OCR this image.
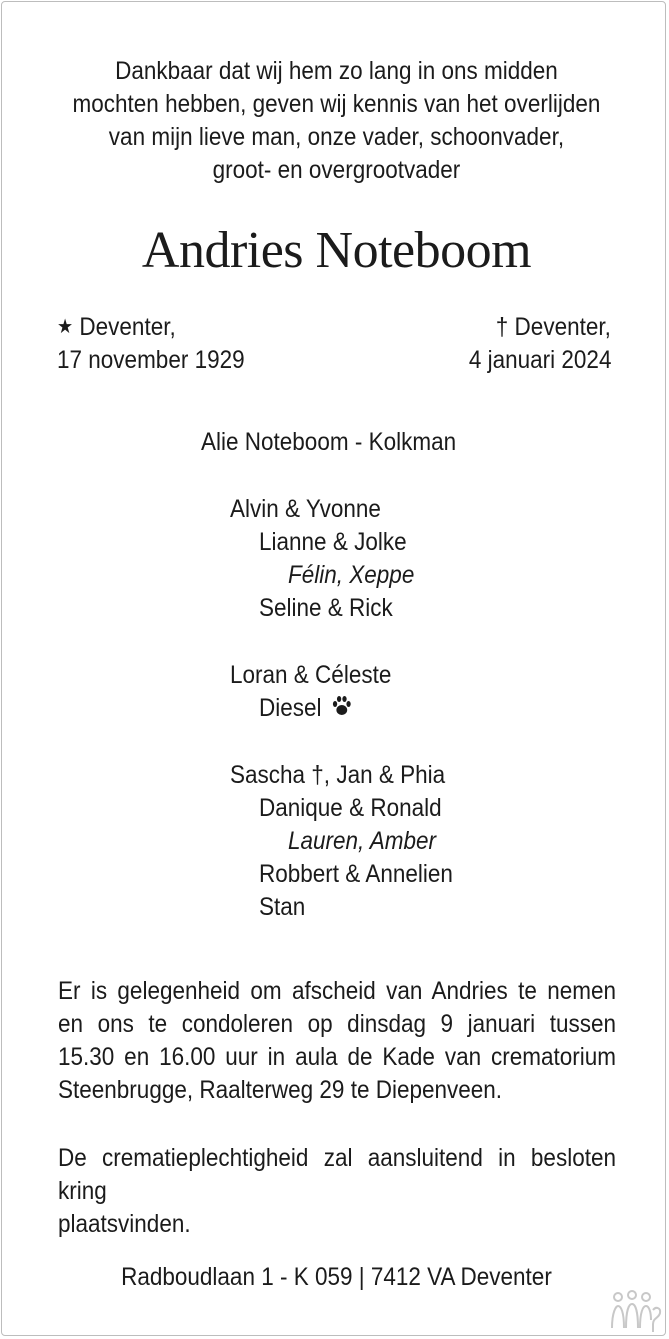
Dankbaar dat wij hem zo lang in ons midden
mochten hebben, geven wij kennis van het overlijden
van mijn lieve man, onze vader, schoonvader,
groot- en overgrootvader
Andries Noteboom
★ Deventer,
17 november 1929
† Deventer,
4 januari 2024
Alie Noteboom - Kolkman
Alvin & Yvonne
Lianne & Jolke
Félin, Xeppe
Seline & Rick
Loran & Céleste
Diesel
Sascha †, Jan & Phia
Danique & Ronald
Lauren, Amber
Robbert & Annelien
Stan
Er is gelegenheid om afscheid van Andries te nemen
en ons te condoleren op dinsdag 9 januari tussen
15.30 en 16.00 uur in aula de Kade van crematorium
Steenbrugge, Raalterweg 29 te Diepenveen.
De crematieplechtigheid zal aansluitend in besloten kring
plaatsvinden.
Radboudlaan 1 - K 059 | 7412 VA Deventer
